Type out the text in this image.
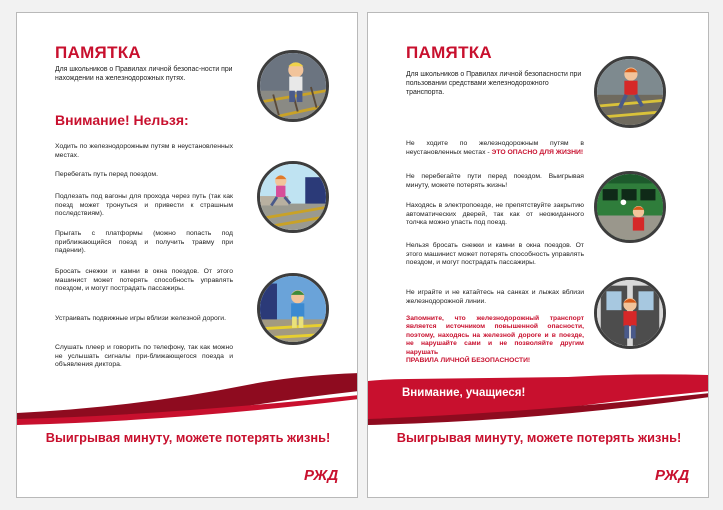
ПАМЯТКА

Для школьников о Правилах личной безопас-ности при нахождении на железнодорожных путях.

Внимание! Нельзя:

Ходить по железнодорожным путям в неустановленных местах.

Перебегать путь перед поездом.

Подлезать под вагоны для прохода через путь (так как поезд может тронуться и привести к страшным последствиям).

Прыгать с платформы (можно попасть под приближающийся поезд и получить травму при падении).

Бросать снежки и камни в окна поездов. От этого машинист может потерять способность управлять поездом, и могут пострадать пассажиры.

Устраивать подвижные игры вблизи железной дороги.

Слушать плеер и говорить по телефону, так как можно не услышать сигналы при-ближающегося поезда и объявления диктора.

Выигрывая минуту, можете потерять жизнь!

РЖД
ПАМЯТКА

Для школьников о Правилах личной безопасности при пользовании средствами железнодорожного транспорта.

Не ходите по железнодорожным путям в неустановленных местах - ЭТО ОПАСНО ДЛЯ ЖИЗНИ!

Не перебегайте пути перед поездом. Выигрывая минуту, можете потерять жизнь!

Находясь в электропоезде, не препятствуйте закрытию автоматических дверей, так как от неожиданного толчка можно упасть под поезд.

Нельзя бросать снежки и камни в окна поездов. От этого машинист может потерять способность управлять поездом, и могут пострадать пассажиры.

Не играйте и не катайтесь на санках и лыжах вблизи железнодорожной линии.

Запомните, что железнодорожный транспорт является источником повышенной опасности, поэтому, находясь на железной дороге и в поезде, не нарушайте сами и не позволяйте другим нарушать
ПРАВИЛА ЛИЧНОЙ БЕЗОПАСНОСТИ!

Внимание, учащиеся!

Выигрывая минуту, можете потерять жизнь!

РЖД
